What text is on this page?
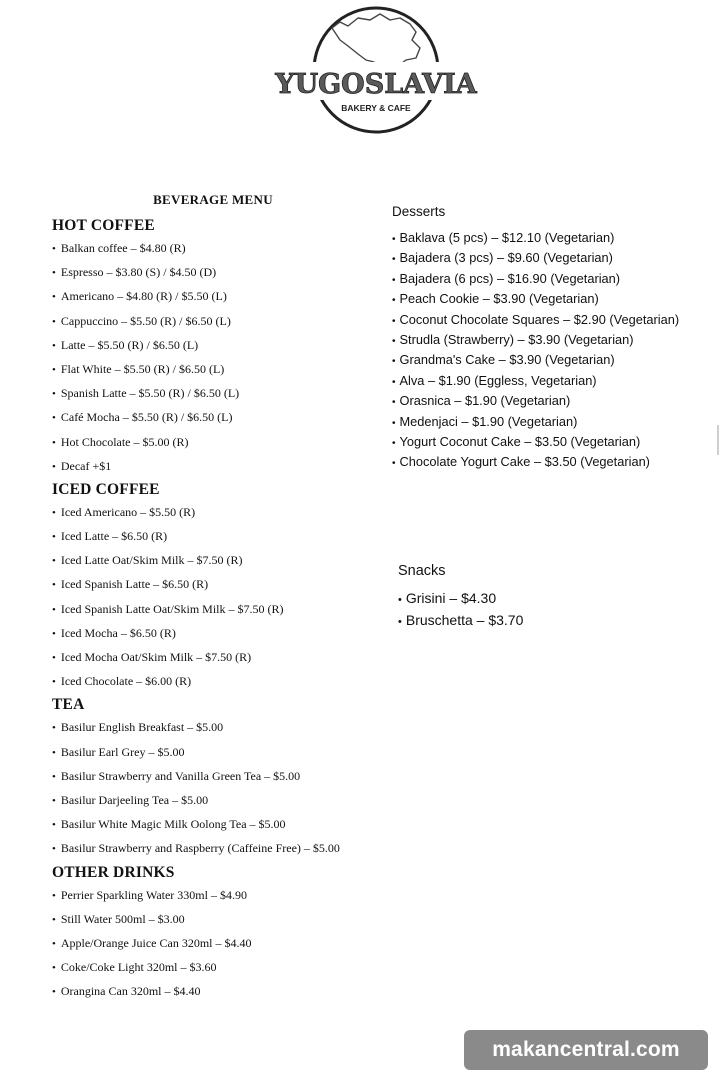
YUGOSLAVIA
BAKERY & CAFE
BEVERAGE MENU
HOT COFFEE
• Balkan coffee – $4.80 (R)
• Espresso – $3.80 (S) / $4.50 (D)
• Americano – $4.80 (R) / $5.50 (L)
• Cappuccino – $5.50 (R) / $6.50 (L)
• Latte – $5.50 (R) / $6.50 (L)
• Flat White – $5.50 (R) / $6.50 (L)
• Spanish Latte – $5.50 (R) / $6.50 (L)
• Café Mocha – $5.50 (R) / $6.50 (L)
• Hot Chocolate – $5.00 (R)
• Decaf +$1
ICED COFFEE
• Iced Americano – $5.50 (R)
• Iced Latte – $6.50 (R)
• Iced Latte Oat/Skim Milk – $7.50 (R)
• Iced Spanish Latte – $6.50 (R)
• Iced Spanish Latte Oat/Skim Milk – $7.50 (R)
• Iced Mocha – $6.50 (R)
• Iced Mocha Oat/Skim Milk – $7.50 (R)
• Iced Chocolate – $6.00 (R)
TEA
• Basilur English Breakfast – $5.00
• Basilur Earl Grey – $5.00
• Basilur Strawberry and Vanilla Green Tea – $5.00
• Basilur Darjeeling Tea – $5.00
• Basilur White Magic Milk Oolong Tea – $5.00
• Basilur Strawberry and Raspberry (Caffeine Free) – $5.00
OTHER DRINKS
• Perrier Sparkling Water 330ml – $4.90
• Still Water 500ml – $3.00
• Apple/Orange Juice Can 320ml – $4.40
• Coke/Coke Light 320ml – $3.60
• Orangina Can 320ml – $4.40
Desserts
• Baklava (5 pcs) – $12.10 (Vegetarian)
• Bajadera (3 pcs) – $9.60 (Vegetarian)
• Bajadera (6 pcs) – $16.90 (Vegetarian)
• Peach Cookie – $3.90 (Vegetarian)
• Coconut Chocolate Squares – $2.90 (Vegetarian)
• Strudla (Strawberry) – $3.90 (Vegetarian)
• Grandma's Cake – $3.90 (Vegetarian)
• Alva – $1.90 (Eggless, Vegetarian)
• Orasnica – $1.90 (Vegetarian)
• Medenjaci – $1.90 (Vegetarian)
• Yogurt Coconut Cake – $3.50 (Vegetarian)
• Chocolate Yogurt Cake – $3.50 (Vegetarian)
Snacks
• Grisini – $4.30
• Bruschetta – $3.70
makancentral.com
